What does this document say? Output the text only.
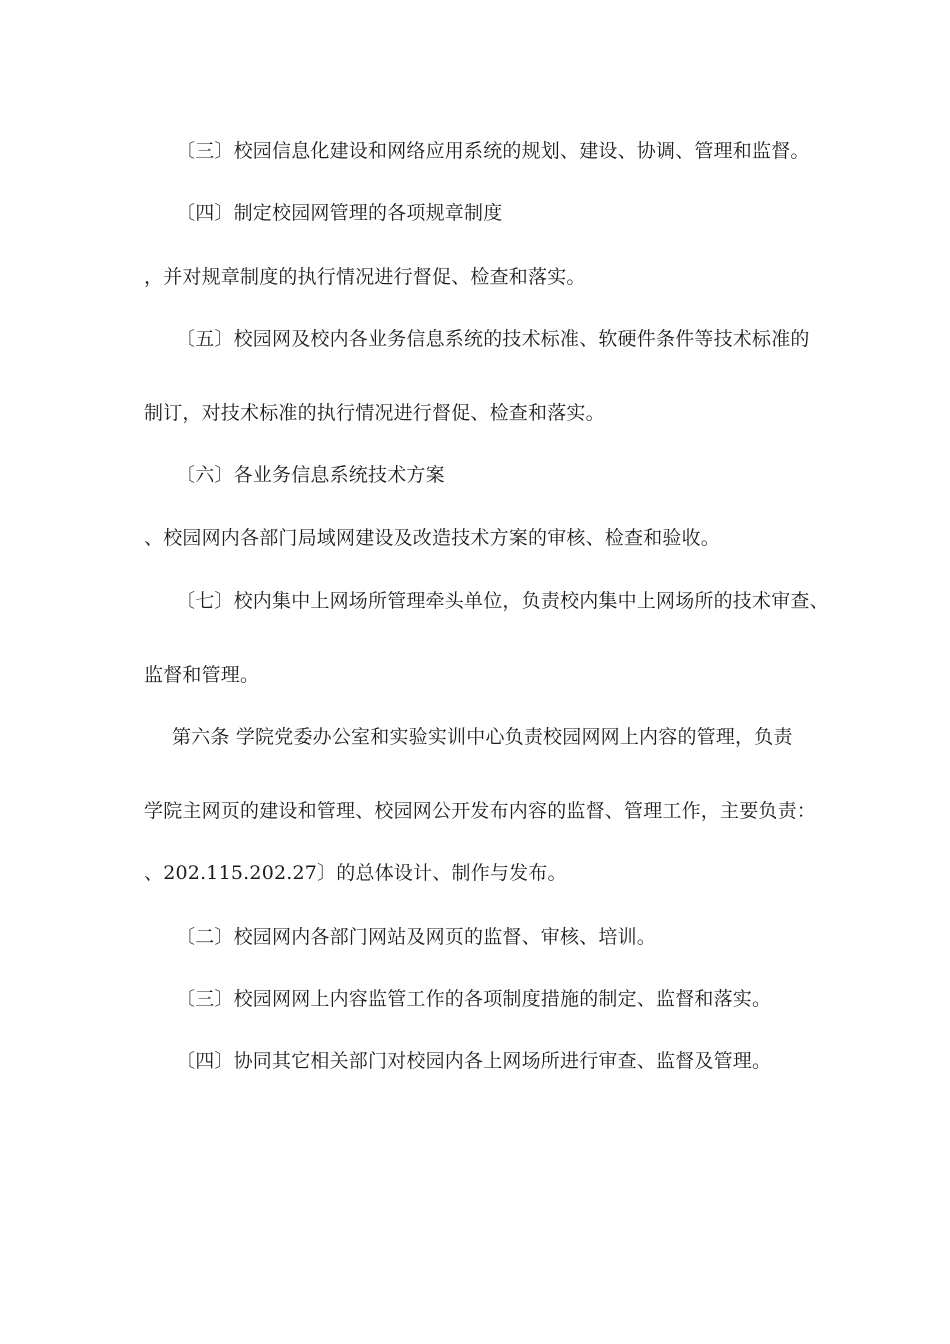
〔三〕校园信息化建设和网络应用系统的规划、建设、协调、管理和监督。
〔四〕制定校园网管理的各项规章制度
，并对规章制度的执行情况进行督促、检查和落实。
〔五〕校园网及校内各业务信息系统的技术标准、软硬件条件等技术标准的
制订，对技术标准的执行情况进行督促、检查和落实。
〔六〕各业务信息系统技术方案
、校园网内各部门局域网建设及改造技术方案的审核、检查和验收。
〔七〕校内集中上网场所管理牵头单位，负责校内集中上网场所的技术审查、
监督和管理。
第六条 学院党委办公室和实验实训中心负责校园网网上内容的管理，负责
学院主网页的建设和管理、校园网公开发布内容的监督、管理工作，主要负责：
、202.115.202.27〕的总体设计、制作与发布。
〔二〕校园网内各部门网站及网页的监督、审核、培训。
〔三〕校园网网上内容监管工作的各项制度措施的制定、监督和落实。
〔四〕协同其它相关部门对校园内各上网场所进行审查、监督及管理。
